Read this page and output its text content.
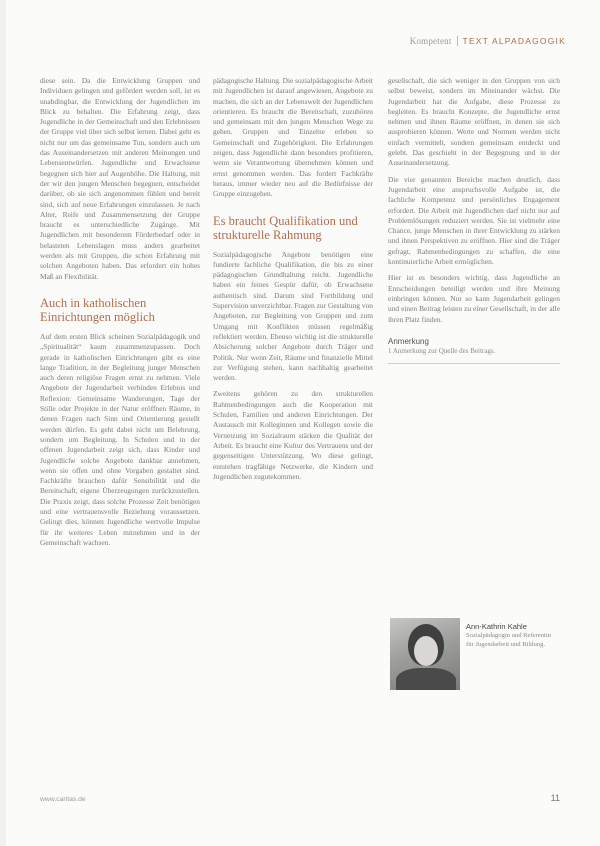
Kompetent TEXT ALPADAGOGIK

diese sein. Da die Entwicklung Gruppen und Individuen gelingen und gefördert werden soll, ist es unabdingbar, die Entwicklung der Jugendlichen im Blick zu behalten. Die Erfahrung zeigt, dass Jugendliche in der Gemeinschaft und den Erlebnissen der Gruppe viel über sich selbst lernen. Dabei geht es nicht nur um das gemeinsame Tun, sondern auch um das Auseinandersetzen mit anderen Meinungen und Lebensentwürfen. Jugendliche und Erwachsene begegnen sich hier auf Augenhöhe. Die Haltung, mit der wir den jungen Menschen begegnen, entscheidet darüber, ob sie sich angenommen fühlen und bereit sind, sich auf neue Erfahrungen einzulassen. Je nach Alter, Reife und Zusammensetzung der Gruppe braucht es unterschiedliche Zugänge. Mit Jugendlichen mit besonderem Förderbedarf oder in belasteten Lebenslagen muss anders gearbeitet werden als mit Gruppen, die schon Erfahrung mit solchen Angeboten haben. Das erfordert ein hohes Maß an Flexibilität.

Auch in katholischen Einrichtungen möglich

Auf dem ersten Blick scheinen Sozialpädagogik und „Spiritualität“ kaum zusammenzupassen. Doch gerade in katholischen Einrichtungen gibt es eine lange Tradition, in der Begleitung junger Menschen auch deren religiöse Fragen ernst zu nehmen. Viele Angebote der Jugendarbeit verbinden Erlebnis und Reflexion: Gemeinsame Wanderungen, Tage der Stille oder Projekte in der Natur eröffnen Räume, in denen Fragen nach Sinn und Orientierung gestellt werden dürfen. Es geht dabei nicht um Belehrung, sondern um Begleitung. In Schulen und in der offenen Jugendarbeit zeigt sich, dass Kinder und Jugendliche solche Angebote dankbar annehmen, wenn sie offen und ohne Vorgaben gestaltet sind. Fachkräfte brauchen dafür Sensibilität und die Bereitschaft, eigene Überzeugungen zurückzustellen. Die Praxis zeigt, dass solche Prozesse Zeit benötigen und eine vertrauensvolle Beziehung voraussetzen. Gelingt dies, können Jugendliche wertvolle Impulse für ihr weiteres Leben mitnehmen und in der Gemeinschaft wachsen.

pädagogische Haltung. Die sozialpädagogische Arbeit mit Jugendlichen ist darauf angewiesen, Angebote zu machen, die sich an der Lebenswelt der Jugendlichen orientieren. Es braucht die Bereitschaft, zuzuhören und gemeinsam mit den jungen Menschen Wege zu gehen. Gruppen und Einzelne erleben so Gemeinschaft und Zugehörigkeit. Die Erfahrungen zeigen, dass Jugendliche dann besonders profitieren, wenn sie Verantwortung übernehmen können und ernst genommen werden. Das fordert Fachkräfte heraus, immer wieder neu auf die Bedürfnisse der Gruppe einzugehen.

Es braucht Qualifikation und strukturelle Rahmung

Sozialpädagogische Angebote benötigen eine fundierte fachliche Qualifikation, die bis zu einer pädagogischen Grundhaltung reicht. Jugendliche haben ein feines Gespür dafür, ob Erwachsene authentisch sind. Darum sind Fortbildung und Supervision unverzichtbar. Fragen zur Gestaltung von Angeboten, zur Begleitung von Gruppen und zum Umgang mit Konflikten müssen regelmäßig reflektiert werden. Ebenso wichtig ist die strukturelle Absicherung solcher Angebote durch Träger und Politik. Nur wenn Zeit, Räume und finanzielle Mittel zur Verfügung stehen, kann nachhaltig gearbeitet werden.

Zweitens gehören zu den strukturellen Rahmenbedingungen auch die Kooperation mit Schulen, Familien und anderen Einrichtungen. Der Austausch mit Kolleginnen und Kollegen sowie die Vernetzung im Sozialraum stärken die Qualität der Arbeit. Es braucht eine Kultur des Vertrauens und der gegenseitigen Unterstützung. Wo diese gelingt, entstehen tragfähige Netzwerke, die Kindern und Jugendlichen zugutekommen.

gesellschaft, die sich weniger in den Gruppen von sich selbst beweist, sondern im Miteinander wächst. Die Jugendarbeit hat die Aufgabe, diese Prozesse zu begleiten. Es braucht Konzepte, die Jugendliche ernst nehmen und ihnen Räume eröffnen, in denen sie sich ausprobieren können. Werte und Normen werden nicht einfach vermittelt, sondern gemeinsam entdeckt und gelebt. Das geschieht in der Begegnung und in der Auseinandersetzung.

Die vier genannten Bereiche machen deutlich, dass Jugendarbeit eine anspruchsvolle Aufgabe ist, die fachliche Kompetenz und persönliches Engagement erfordert. Die Arbeit mit Jugendlichen darf nicht nur auf Problemlösungen reduziert werden. Sie ist vielmehr eine Chance, junge Menschen in ihrer Entwicklung zu stärken und ihnen Perspektiven zu eröffnen. Hier sind die Träger gefragt, Rahmenbedingungen zu schaffen, die eine kontinuierliche Arbeit ermöglichen.

Hier ist es besonders wichtig, dass Jugendliche an Entscheidungen beteiligt werden und ihre Meinung einbringen können. Nur so kann Jugendarbeit gelingen und einen Beitrag leisten zu einer Gesellschaft, in der alle ihren Platz finden.

Anmerkung
1 Anmerkung zur Quelle des Beitrags.
Ann-Kathrin Kahle
Sozialpädagogin und Referentin für Jugendarbeit und Bildung.
www.caritas.de	11
